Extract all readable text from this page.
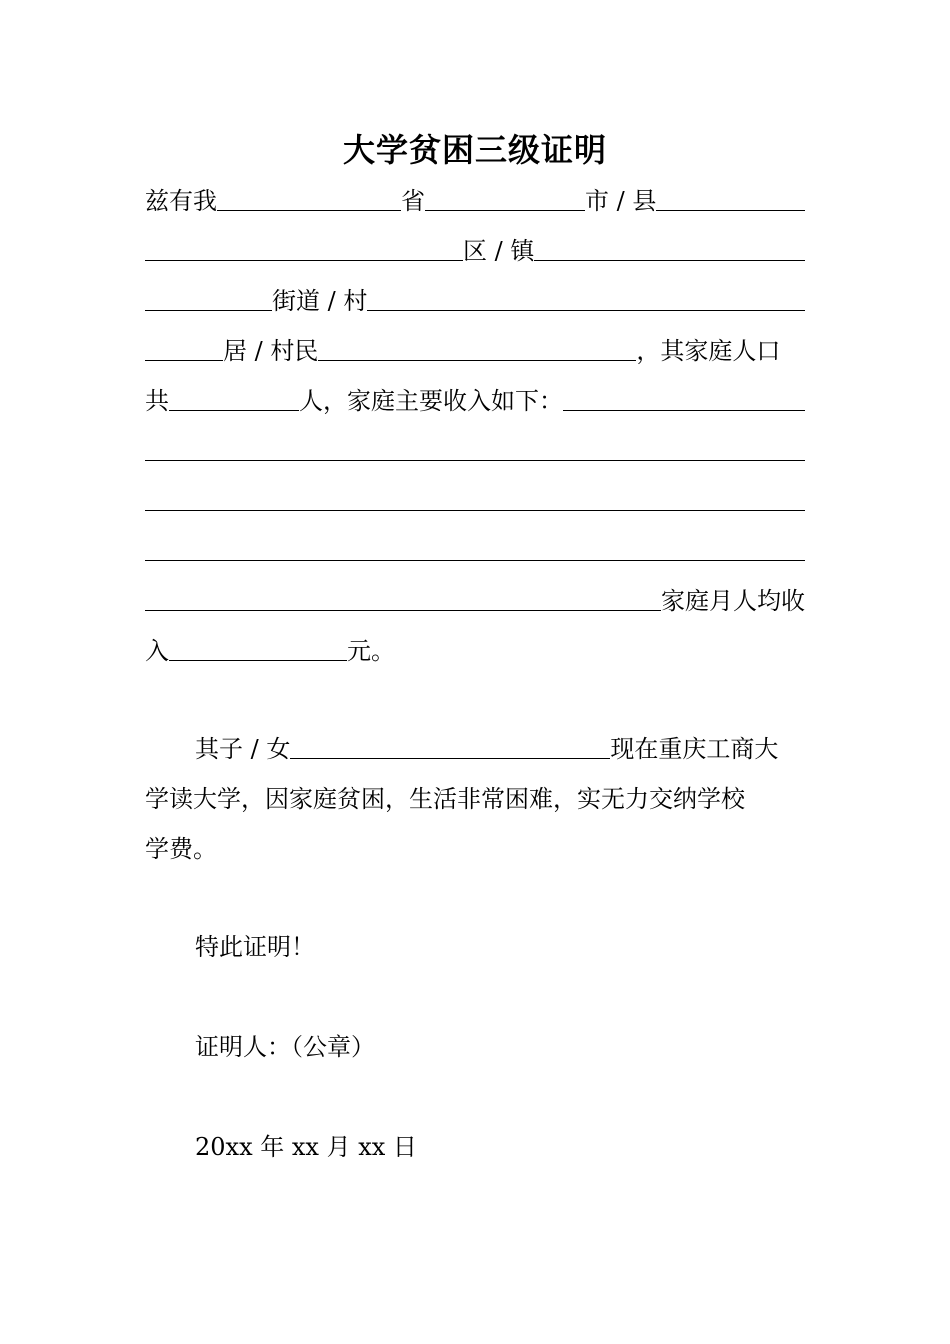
大学贫困三级证明
兹有我	省	市 / 县
区 / 镇
街道 / 村
居 / 村民	，其家庭人口
共	人，家庭主要收入如下：
家庭月人均收
入	元。
其子 / 女	现在重庆工商大
学读大学，因家庭贫困，生活非常困难，实无力交纳学校
学费。
特此证明！
证明人：（公章）
20xx 年 xx 月 xx 日
